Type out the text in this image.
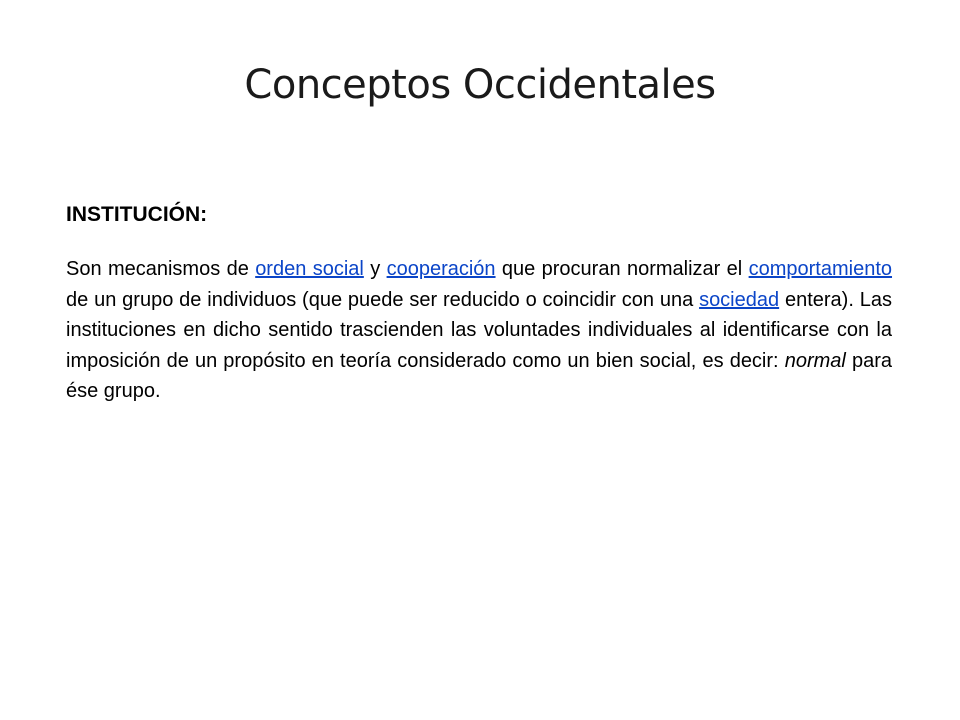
Conceptos Occidentales
INSTITUCIÓN:

Son mecanismos de orden social y cooperación que procuran normalizar el comportamiento de un grupo de individuos (que puede ser reducido o coincidir con una sociedad entera). Las instituciones en dicho sentido trascienden las voluntades individuales al identificarse con la imposición de un propósito en teoría considerado como un bien social, es decir: normal para ése grupo.
